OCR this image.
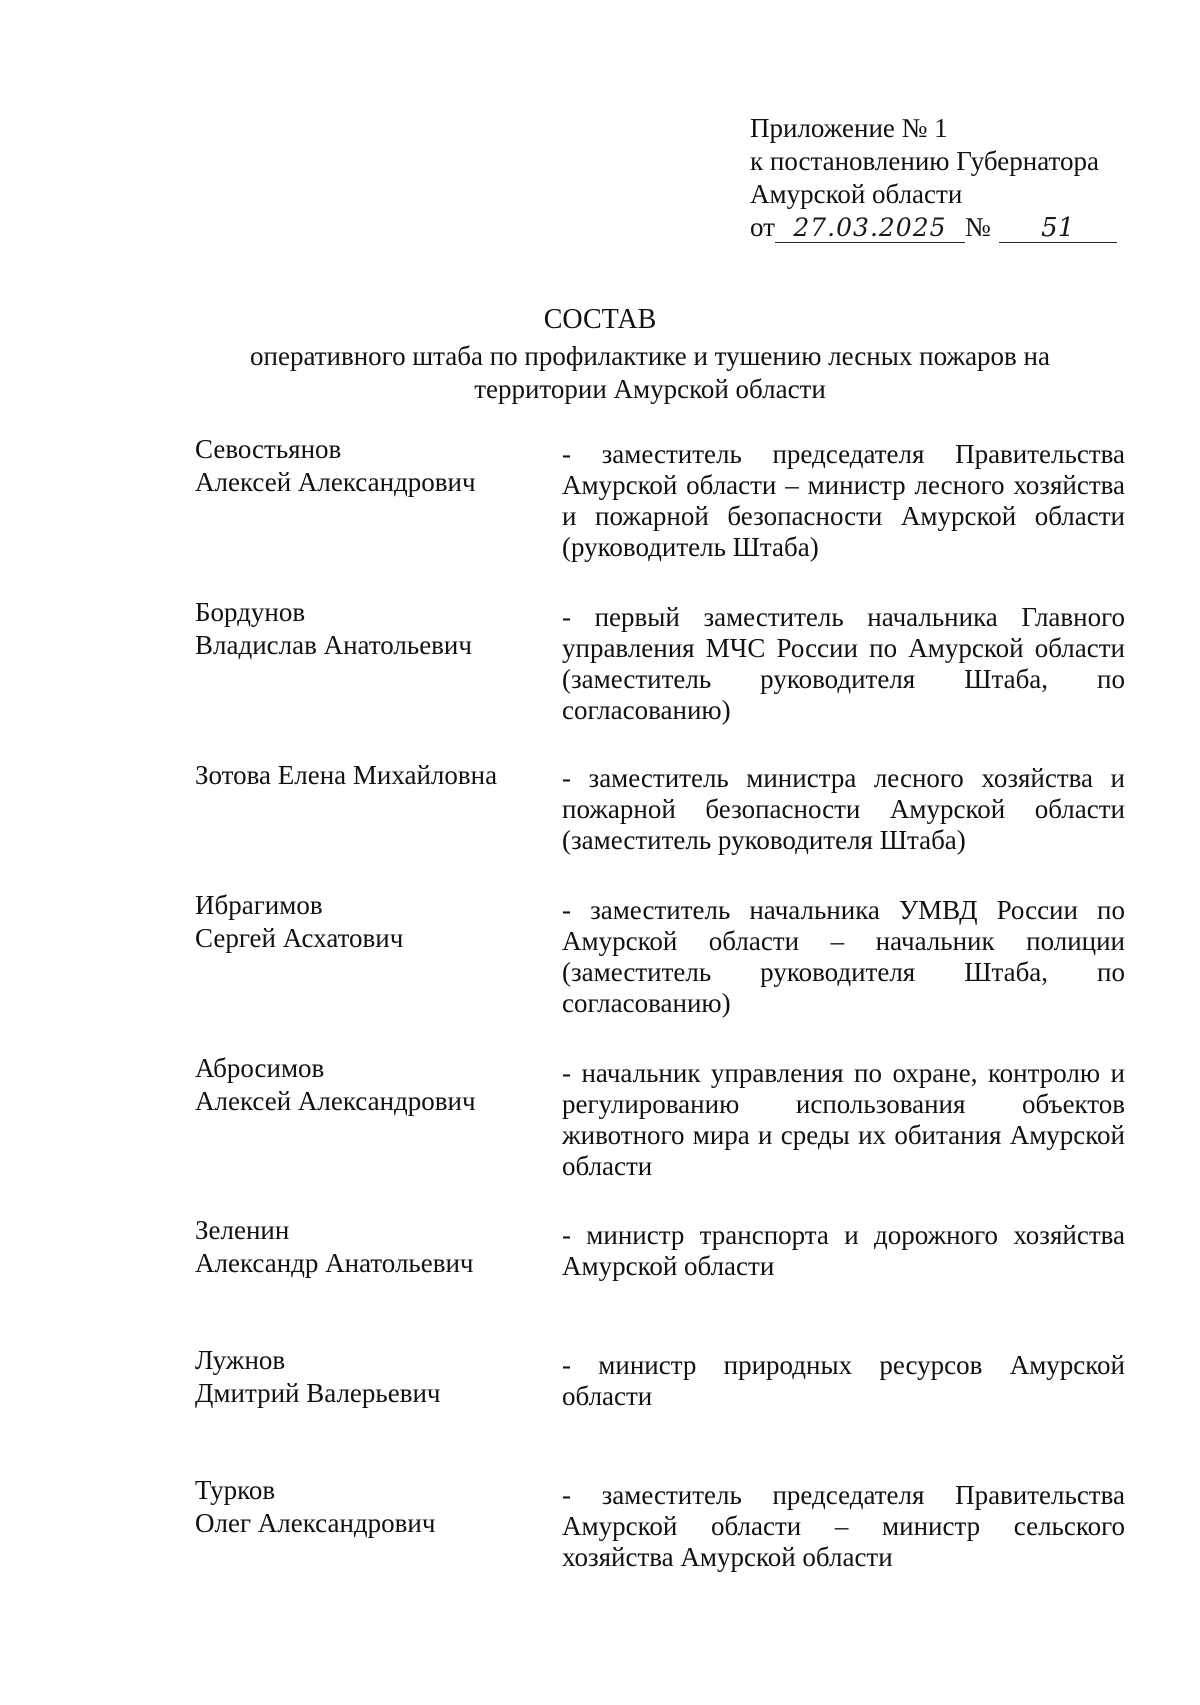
Приложение № 1
к постановлению Губернатора
Амурской области
от 27.03.2025 № 51
СОСТАВ
оперативного штаба по профилактике и тушению лесных пожаров на территории Амурской области
Севостьянов
Алексей Александрович
- заместитель председателя Правительства Амурской области – министр лесного хозяйства и пожарной безопасности Амурской области (руководитель Штаба)
Бордунов
Владислав Анатольевич
- первый заместитель начальника Главного управления МЧС России по Амурской области (заместитель руководителя Штаба, по согласованию)
Зотова Елена Михайловна	- заместитель министра лесного хозяйства и пожарной безопасности Амурской области (заместитель руководителя Штаба)
Ибрагимов
Сергей Асхатович
- заместитель начальника УМВД России по Амурской области – начальник полиции (заместитель руководителя Штаба, по согласованию)
Абросимов
Алексей Александрович
- начальник управления по охране, контролю и регулированию использования объектов животного мира и среды их обитания Амурской области
Зеленин
Александр Анатольевич
- министр транспорта и дорожного хозяйства Амурской области
Лужнов
Дмитрий Валерьевич
- министр природных ресурсов Амурской области
Турков
Олег Александрович
- заместитель председателя Правительства Амурской области – министр сельского хозяйства Амурской области
